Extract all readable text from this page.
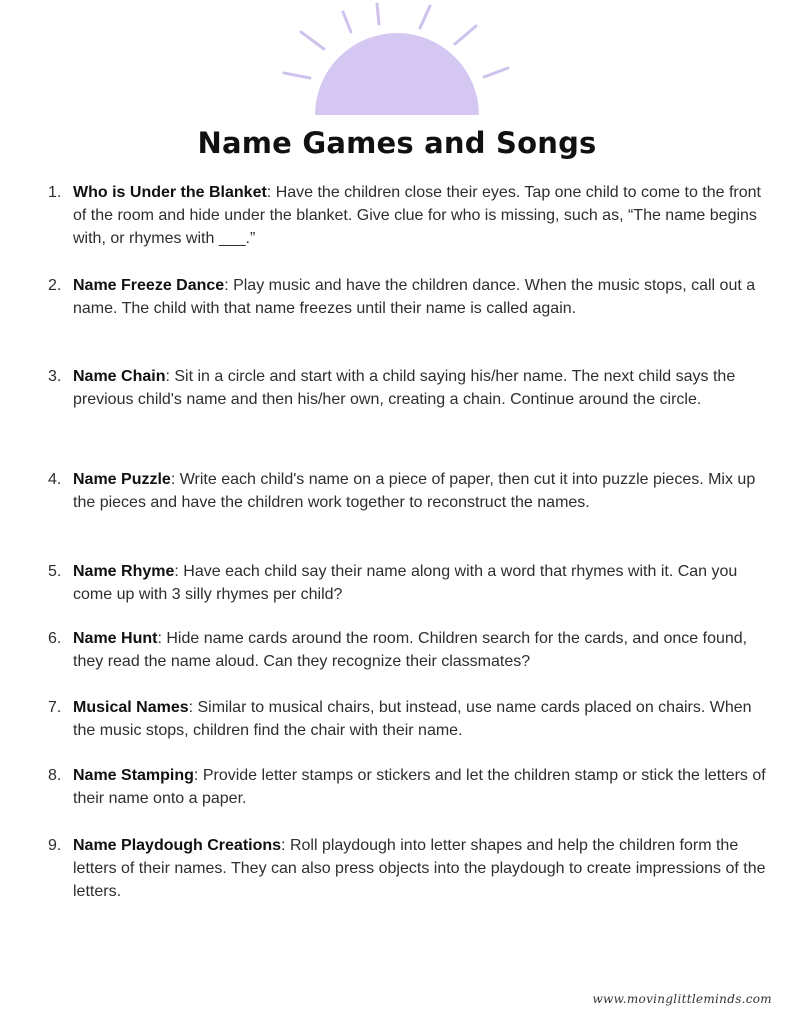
Name Games and Songs
1. Who is Under the Blanket: Have the children close their eyes. Tap one child to come to the front of the room and hide under the blanket. Give clue for who is missing, such as, “The name begins with, or rhymes with ___.”
2. Name Freeze Dance: Play music and have the children dance. When the music stops, call out a name. The child with that name freezes until their name is called again.
3. Name Chain: Sit in a circle and start with a child saying his/her name. The next child says the previous child's name and then his/her own, creating a chain. Continue around the circle.
4. Name Puzzle: Write each child's name on a piece of paper, then cut it into puzzle pieces. Mix up the pieces and have the children work together to reconstruct the names.
5. Name Rhyme: Have each child say their name along with a word that rhymes with it. Can you come up with 3 silly rhymes per child?
6. Name Hunt: Hide name cards around the room. Children search for the cards, and once found, they read the name aloud. Can they recognize their classmates?
7. Musical Names: Similar to musical chairs, but instead, use name cards placed on chairs. When the music stops, children find the chair with their name.
8. Name Stamping: Provide letter stamps or stickers and let the children stamp or stick the letters of their name onto a paper.
9. Name Playdough Creations: Roll playdough into letter shapes and help the children form the letters of their names. They can also press objects into the playdough to create impressions of the letters.
www.movinglittleminds.com
